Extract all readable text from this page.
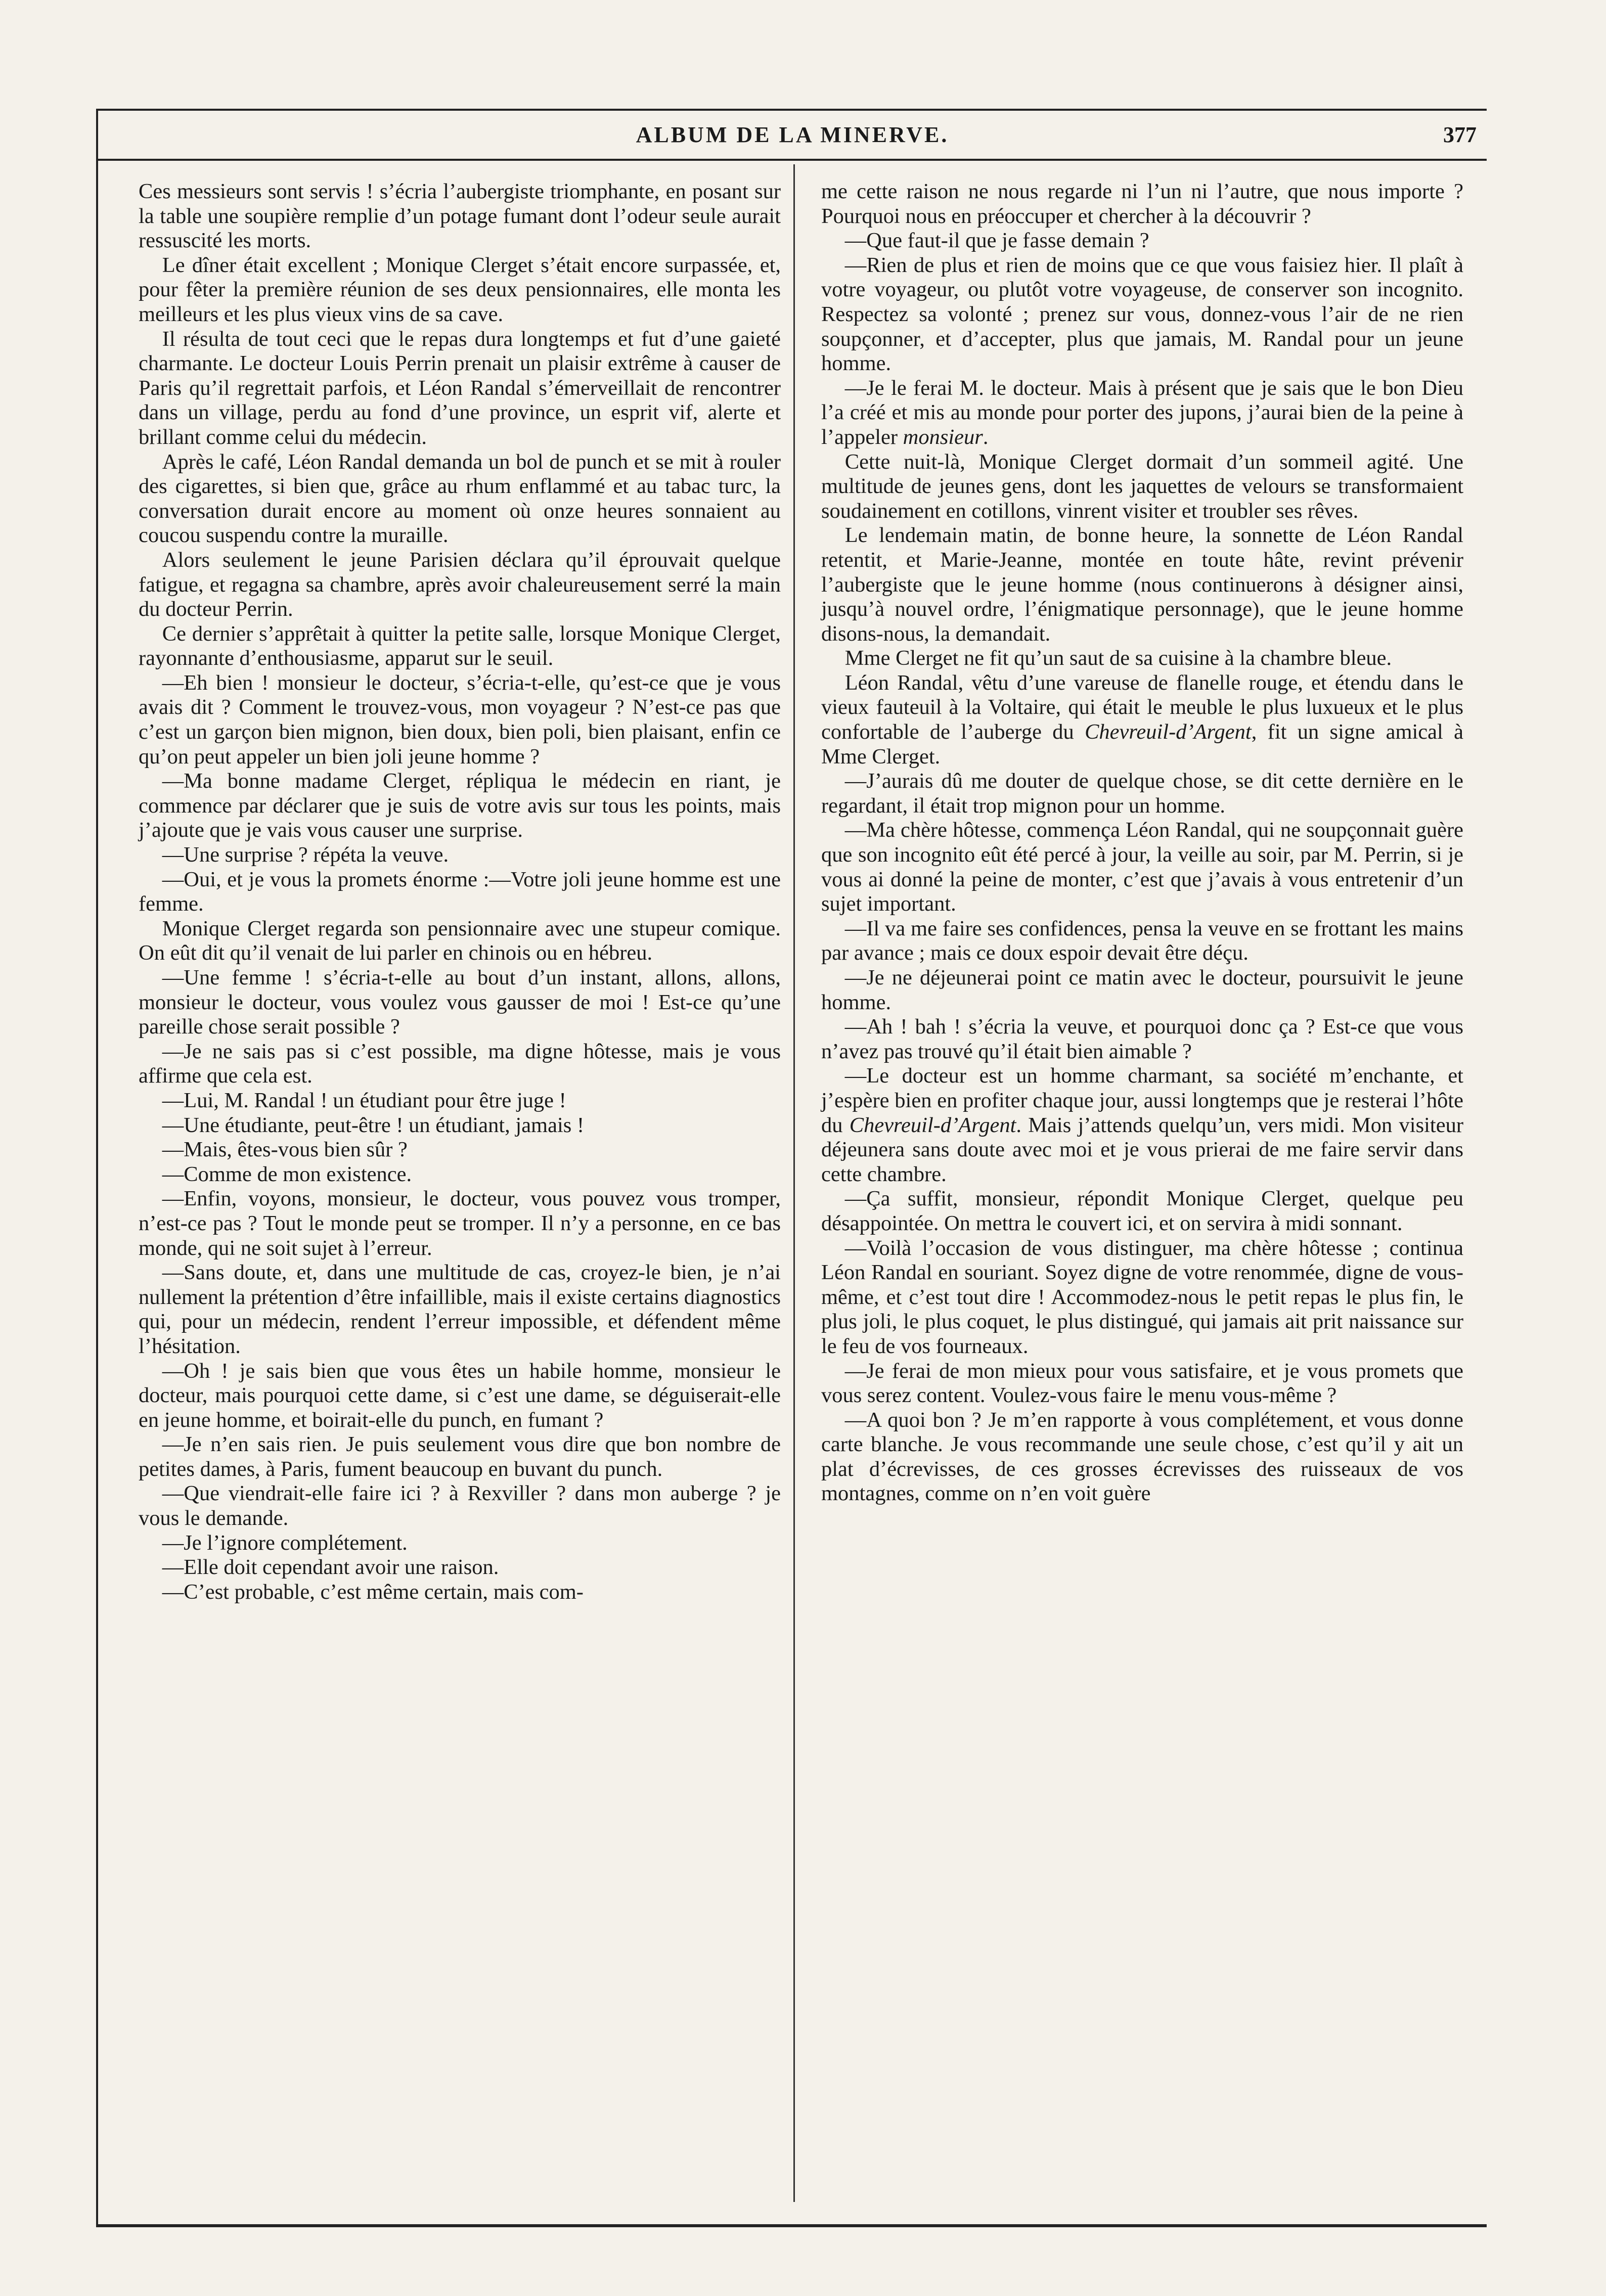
ALBUM DE LA MINERVE.	377

Ces messieurs sont servis ! s’écria l’aubergiste triomphante, en posant sur la table une soupière remplie d’un potage fumant dont l’odeur seule aurait ressuscité les morts.

Le dîner était excellent ; Monique Clerget s’était encore surpassée, et, pour fêter la première réunion de ses deux pensionnaires, elle monta les meilleurs et les plus vieux vins de sa cave.

Il résulta de tout ceci que le repas dura longtemps et fut d’une gaieté charmante. Le docteur Louis Perrin prenait un plaisir extrême à causer de Paris qu’il regrettait parfois, et Léon Randal s’émerveillait de rencontrer dans un village, perdu au fond d’une province, un esprit vif, alerte et brillant comme celui du médecin.

Après le café, Léon Randal demanda un bol de punch et se mit à rouler des cigarettes, si bien que, grâce au rhum enflammé et au tabac turc, la conversation durait encore au moment où onze heures sonnaient au coucou suspendu contre la muraille.

Alors seulement le jeune Parisien déclara qu’il éprouvait quelque fatigue, et regagna sa chambre, après avoir chaleureusement serré la main du docteur Perrin.

Ce dernier s’apprêtait à quitter la petite salle, lorsque Monique Clerget, rayonnante d’enthousiasme, apparut sur le seuil.

—Eh bien ! monsieur le docteur, s’écria-t-elle, qu’est-ce que je vous avais dit ? Comment le trouvez-vous, mon voyageur ? N’est-ce pas que c’est un garçon bien mignon, bien doux, bien poli, bien plaisant, enfin ce qu’on peut appeler un bien joli jeune homme ?

—Ma bonne madame Clerget, répliqua le médecin en riant, je commence par déclarer que je suis de votre avis sur tous les points, mais j’ajoute que je vais vous causer une surprise.

—Une surprise ? répéta la veuve.

—Oui, et je vous la promets énorme :—Votre joli jeune homme est une femme.

Monique Clerget regarda son pensionnaire avec une stupeur comique. On eût dit qu’il venait de lui parler en chinois ou en hébreu.

—Une femme ! s’écria-t-elle au bout d’un instant, allons, allons, monsieur le docteur, vous voulez vous gausser de moi ! Est-ce qu’une pareille chose serait possible ?

—Je ne sais pas si c’est possible, ma digne hôtesse, mais je vous affirme que cela est.

—Lui, M. Randal ! un étudiant pour être juge !

—Une étudiante, peut-être ! un étudiant, jamais !

—Mais, êtes-vous bien sûr ?

—Comme de mon existence.

—Enfin, voyons, monsieur, le docteur, vous pouvez vous tromper, n’est-ce pas ? Tout le monde peut se tromper. Il n’y a personne, en ce bas monde, qui ne soit sujet à l’erreur.

—Sans doute, et, dans une multitude de cas, croyez-le bien, je n’ai nullement la prétention d’être infaillible, mais il existe certains diagnostics qui, pour un médecin, rendent l’erreur impossible, et défendent même l’hésitation.

—Oh ! je sais bien que vous êtes un habile homme, monsieur le docteur, mais pourquoi cette dame, si c’est une dame, se déguiserait-elle en jeune homme, et boirait-elle du punch, en fumant ?

—Je n’en sais rien. Je puis seulement vous dire que bon nombre de petites dames, à Paris, fument beaucoup en buvant du punch.

—Que viendrait-elle faire ici ? à Rexviller ? dans mon auberge ? je vous le demande.

—Je l’ignore complétement.

—Elle doit cependant avoir une raison.

—C’est probable, c’est même certain, mais com-

me cette raison ne nous regarde ni l’un ni l’autre, que nous importe ? Pourquoi nous en préoccuper et chercher à la découvrir ?

—Que faut-il que je fasse demain ?

—Rien de plus et rien de moins que ce que vous faisiez hier. Il plaît à votre voyageur, ou plutôt votre voyageuse, de conserver son incognito. Respectez sa volonté ; prenez sur vous, donnez-vous l’air de ne rien soupçonner, et d’accepter, plus que jamais, M. Randal pour un jeune homme.

—Je le ferai M. le docteur. Mais à présent que je sais que le bon Dieu l’a créé et mis au monde pour porter des jupons, j’aurai bien de la peine à l’appeler monsieur.

Cette nuit-là, Monique Clerget dormait d’un sommeil agité. Une multitude de jeunes gens, dont les jaquettes de velours se transformaient soudainement en cotillons, vinrent visiter et troubler ses rêves.

Le lendemain matin, de bonne heure, la sonnette de Léon Randal retentit, et Marie-Jeanne, montée en toute hâte, revint prévenir l’aubergiste que le jeune homme (nous continuerons à désigner ainsi, jusqu’à nouvel ordre, l’énigmatique personnage), que le jeune homme disons-nous, la demandait.

Mme Clerget ne fit qu’un saut de sa cuisine à la chambre bleue.

Léon Randal, vêtu d’une vareuse de flanelle rouge, et étendu dans le vieux fauteuil à la Voltaire, qui était le meuble le plus luxueux et le plus confortable de l’auberge du Chevreuil-d’Argent, fit un signe amical à Mme Clerget.

—J’aurais dû me douter de quelque chose, se dit cette dernière en le regardant, il était trop mignon pour un homme.

—Ma chère hôtesse, commença Léon Randal, qui ne soupçonnait guère que son incognito eût été percé à jour, la veille au soir, par M. Perrin, si je vous ai donné la peine de monter, c’est que j’avais à vous entretenir d’un sujet important.

—Il va me faire ses confidences, pensa la veuve en se frottant les mains par avance ; mais ce doux espoir devait être déçu.

—Je ne déjeunerai point ce matin avec le docteur, poursuivit le jeune homme.

—Ah ! bah ! s’écria la veuve, et pourquoi donc ça ? Est-ce que vous n’avez pas trouvé qu’il était bien aimable ?

—Le docteur est un homme charmant, sa société m’enchante, et j’espère bien en profiter chaque jour, aussi longtemps que je resterai l’hôte du Chevreuil-d’Argent. Mais j’attends quelqu’un, vers midi. Mon visiteur déjeunera sans doute avec moi et je vous prierai de me faire servir dans cette chambre.

—Ça suffit, monsieur, répondit Monique Clerget, quelque peu désappointée. On mettra le couvert ici, et on servira à midi sonnant.

—Voilà l’occasion de vous distinguer, ma chère hôtesse ; continua Léon Randal en souriant. Soyez digne de votre renommée, digne de vous-même, et c’est tout dire ! Accommodez-nous le petit repas le plus fin, le plus joli, le plus coquet, le plus distingué, qui jamais ait prit naissance sur le feu de vos fourneaux.

—Je ferai de mon mieux pour vous satisfaire, et je vous promets que vous serez content. Voulez-vous faire le menu vous-même ?

—A quoi bon ? Je m’en rapporte à vous complétement, et vous donne carte blanche. Je vous recommande une seule chose, c’est qu’il y ait un plat d’écrevisses, de ces grosses écrevisses des ruisseaux de vos montagnes, comme on n’en voit guère
